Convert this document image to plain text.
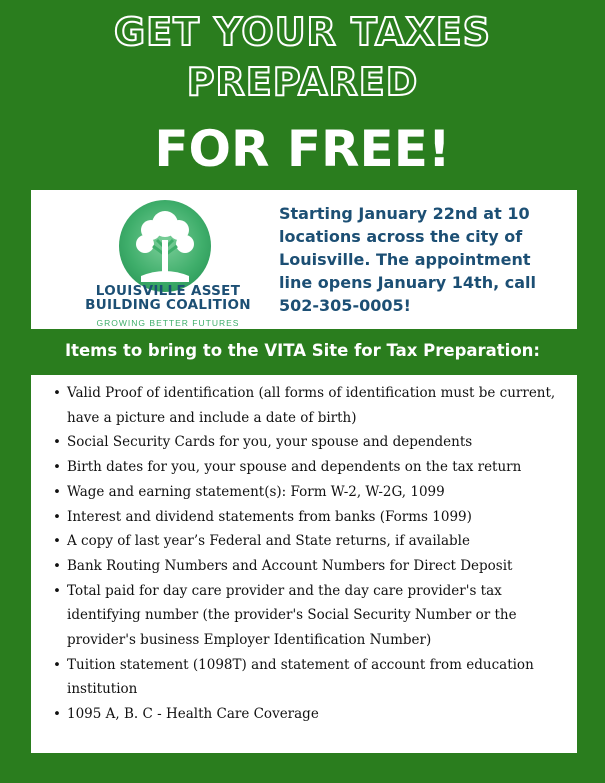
GET YOUR TAXES
PREPARED
FOR FREE!
LOUISVILLE ASSET
BUILDING COALITION
GROWING BETTER FUTURES
Starting January 22nd at 10 locations across the city of Louisville. The appointment line opens January 14th, call 502-305-0005!
Items to bring to the VITA Site for Tax Preparation:
• Valid Proof of identification (all forms of identification must be current, have a picture and include a date of birth)
• Social Security Cards for you, your spouse and dependents
• Birth dates for you, your spouse and dependents on the tax return
• Wage and earning statement(s): Form W-2, W-2G, 1099
• Interest and dividend statements from banks (Forms 1099)
• A copy of last year’s Federal and State returns, if available
• Bank Routing Numbers and Account Numbers for Direct Deposit
• Total paid for day care provider and the day care provider's tax identifying number (the provider's Social Security Number or the provider's business Employer Identification Number)
• Tuition statement (1098T) and statement of account from education institution
• 1095 A, B. C - Health Care Coverage
